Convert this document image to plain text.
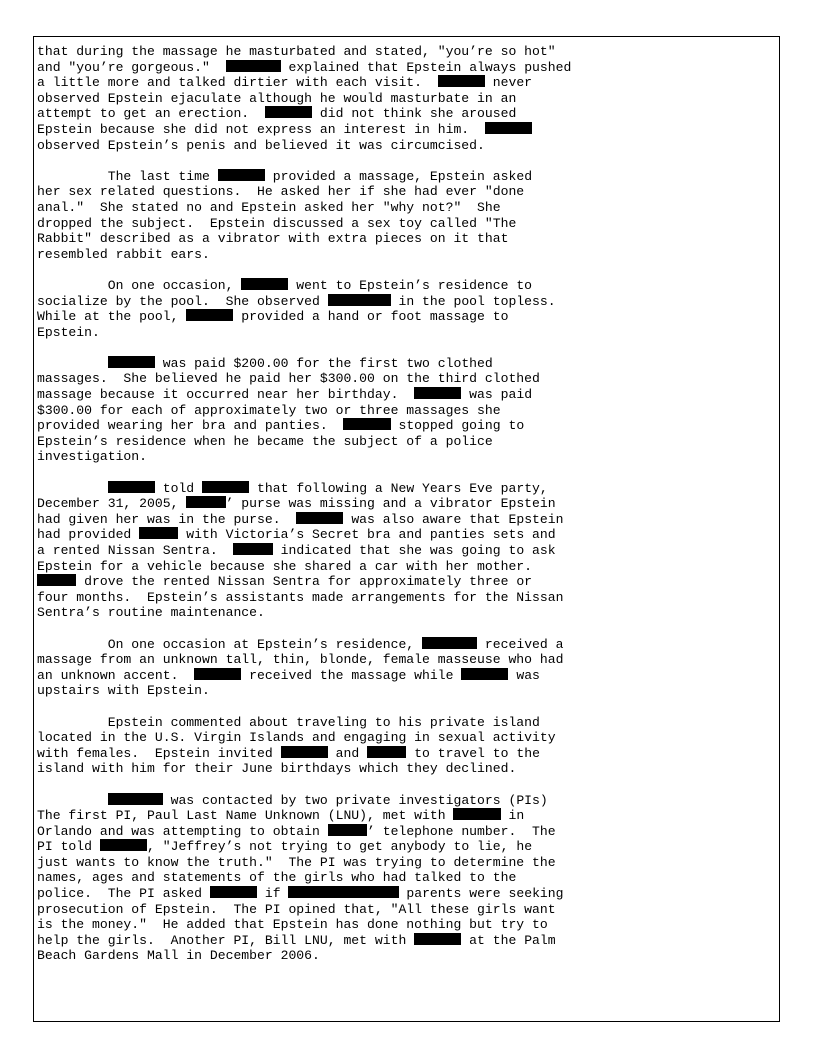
that during the massage he masturbated and stated, "you’re so hot"
and "you’re gorgeous."	explained that Epstein always pushed
a little more and talked dirtier with each visit.	never
observed Epstein ejaculate although he would masturbate in an
attempt to get an erection.	did not think she aroused
Epstein because she did not express an interest in him.
observed Epstein’s penis and believed it was circumcised.
The last time	provided a massage, Epstein asked
her sex related questions.  He asked her if she had ever "done
anal."  She stated no and Epstein asked her "why not?"  She
dropped the subject.  Epstein discussed a sex toy called "The
Rabbit" described as a vibrator with extra pieces on it that
resembled rabbit ears.
On one occasion,	went to Epstein’s residence to
socialize by the pool.  She observed	in the pool topless.
While at the pool,	provided a hand or foot massage to
Epstein.
was paid $200.00 for the first two clothed
massages.  She believed he paid her $300.00 on the third clothed
massage because it occurred near her birthday.	was paid
$300.00 for each of approximately two or three massages she
provided wearing her bra and panties.	stopped going to
Epstein’s residence when he became the subject of a police
investigation.
told	that following a New Years Eve party,
December 31, 2005,	’ purse was missing and a vibrator Epstein
had given her was in the purse.	was also aware that Epstein
had provided	with Victoria’s Secret bra and panties sets and
a rented Nissan Sentra.	indicated that she was going to ask
Epstein for a vehicle because she shared a car with her mother.
drove the rented Nissan Sentra for approximately three or
four months.  Epstein’s assistants made arrangements for the Nissan
Sentra’s routine maintenance.
On one occasion at Epstein’s residence,	received a
massage from an unknown tall, thin, blonde, female masseuse who had
an unknown accent.	received the massage while	was
upstairs with Epstein.
Epstein commented about traveling to his private island
located in the U.S. Virgin Islands and engaging in sexual activity
with females.  Epstein invited	and	to travel to the
island with him for their June birthdays which they declined.
was contacted by two private investigators (PIs)
The first PI, Paul Last Name Unknown (LNU), met with	in
Orlando and was attempting to obtain	’ telephone number.  The
PI told	, "Jeffrey’s not trying to get anybody to lie, he
just wants to know the truth."  The PI was trying to determine the
names, ages and statements of the girls who had talked to the
police.  The PI asked	if	parents were seeking
prosecution of Epstein.  The PI opined that, "All these girls want
is the money."  He added that Epstein has done nothing but try to
help the girls.  Another PI, Bill LNU, met with	at the Palm
Beach Gardens Mall in December 2006.
